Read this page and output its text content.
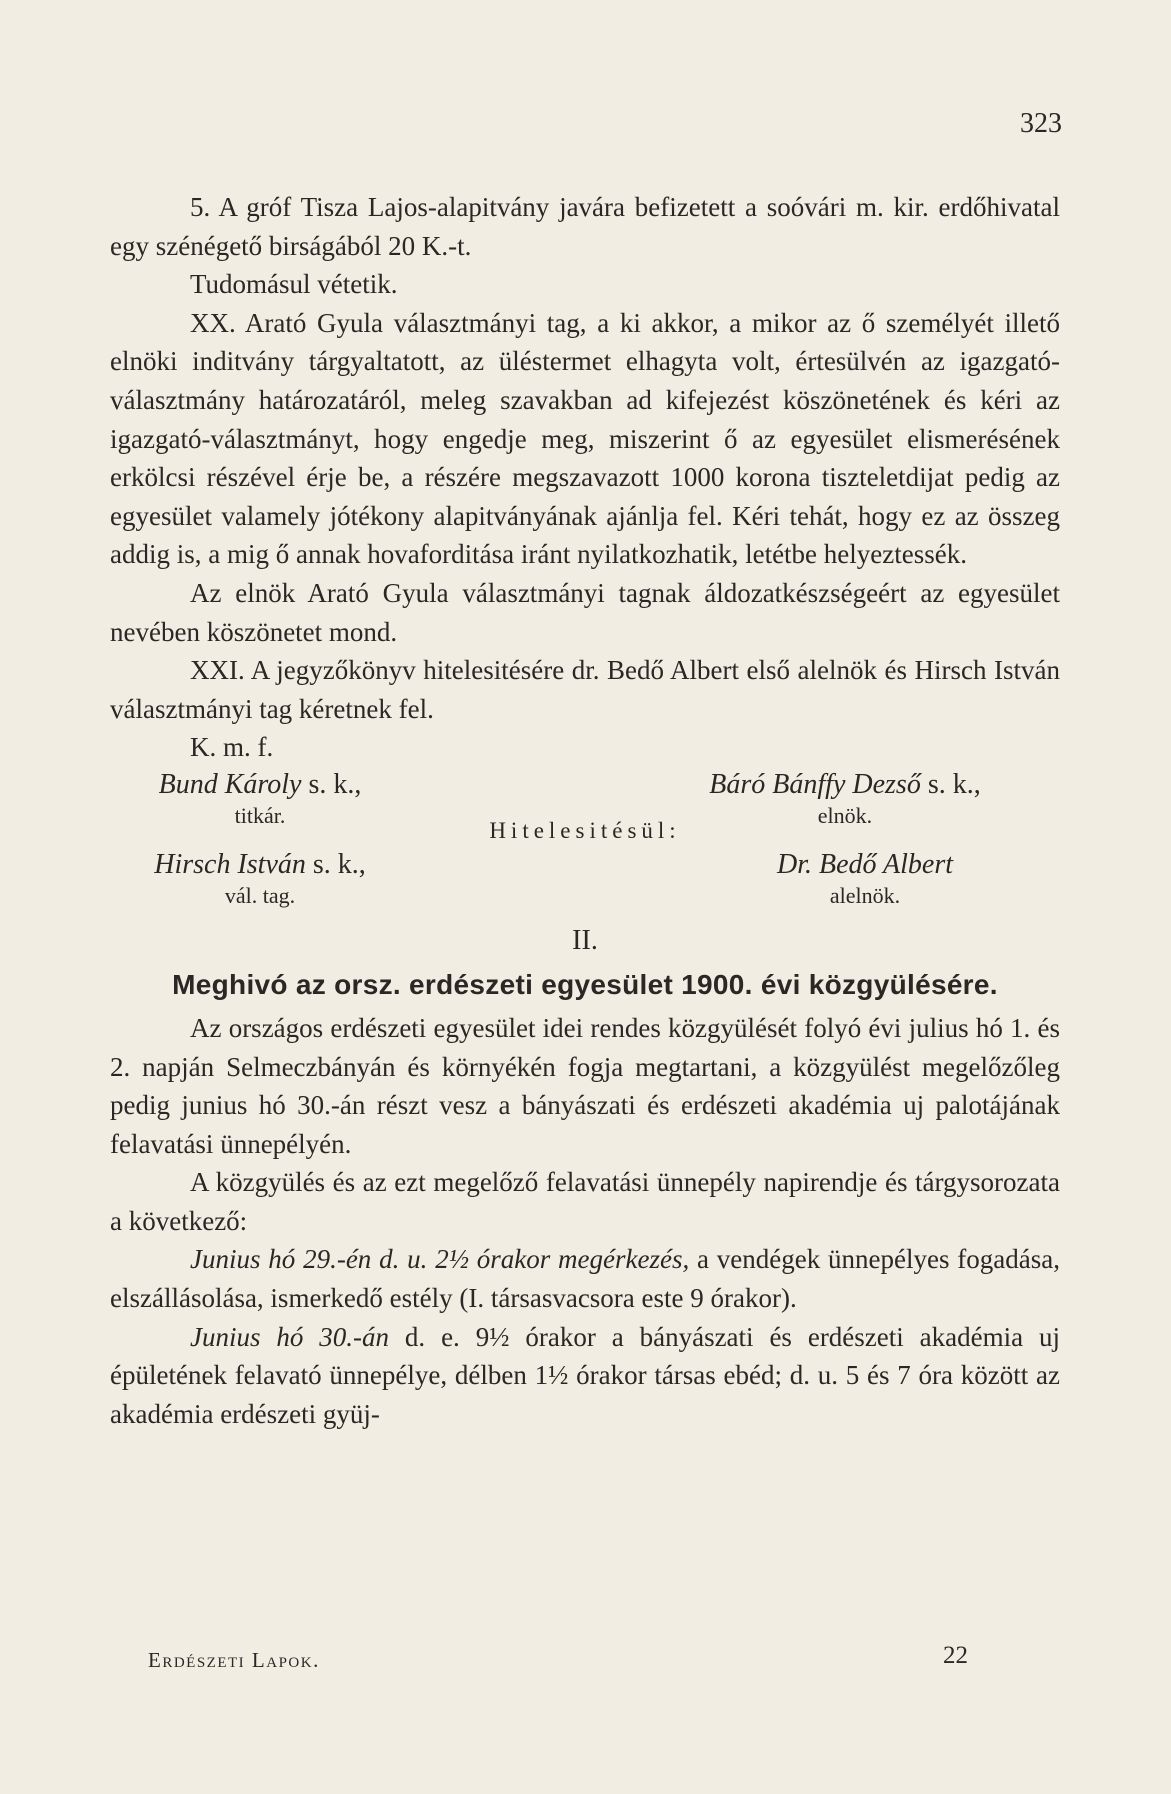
323

5. A gróf Tisza Lajos-alapitvány javára befizetett a soóvári m. kir. erdőhivatal egy szénégető birságából 20 K.-t.

Tudomásul vétetik.

XX. Arató Gyula választmányi tag, a ki akkor, a mikor az ő személyét illető elnöki inditvány tárgyaltatott, az üléstermet elhagyta volt, értesülvén az igazgató-választmány határozatáról, meleg szavakban ad kifejezést köszönetének és kéri az igazgató-választmányt, hogy engedje meg, miszerint ő az egyesület elismerésének erkölcsi részével érje be, a részére megszavazott 1000 korona tiszteletdijat pedig az egyesület valamely jótékony alapitványának ajánlja fel. Kéri tehát, hogy ez az összeg addig is, a mig ő annak hovaforditása iránt nyilatkozhatik, letétbe helyeztessék.

Az elnök Arató Gyula választmányi tagnak áldozatkészségeért az egyesület nevében köszönetet mond.

XXI. A jegyzőkönyv hitelesitésére dr. Bedő Albert első alelnök és Hirsch István választmányi tag kéretnek fel.

K. m. f.

Bund Károly s. k.,
titkár.
Báró Bánffy Dezső s. k.,
elnök.
Hitelesitésül:
Hirsch István s. k.,
vál. tag.
Dr. Bedő Albert
alelnök.
II.
Meghivó az orsz. erdészeti egyesület 1900. évi közgyülésére.

Az országos erdészeti egyesület idei rendes közgyülését folyó évi julius hó 1. és 2. napján Selmeczbányán és környékén fogja megtartani, a közgyülést megelőzőleg pedig junius hó 30.-án részt vesz a bányászati és erdészeti akadémia uj palotájának felavatási ünnepélyén.

A közgyülés és az ezt megelőző felavatási ünnepély napirendje és tárgysorozata a következő:

Junius hó 29.-én d. u. 2½ órakor megérkezés, a vendégek ünnepélyes fogadása, elszállásolása, ismerkedő estély (I. társasvacsora este 9 órakor).

Junius hó 30.-án d. e. 9½ órakor a bányászati és erdészeti akadémia uj épületének felavató ünnepélye, délben 1½ órakor társas ebéd; d. u. 5 és 7 óra között az akadémia erdészeti gyüj-

Erdészeti Lapok.	22
